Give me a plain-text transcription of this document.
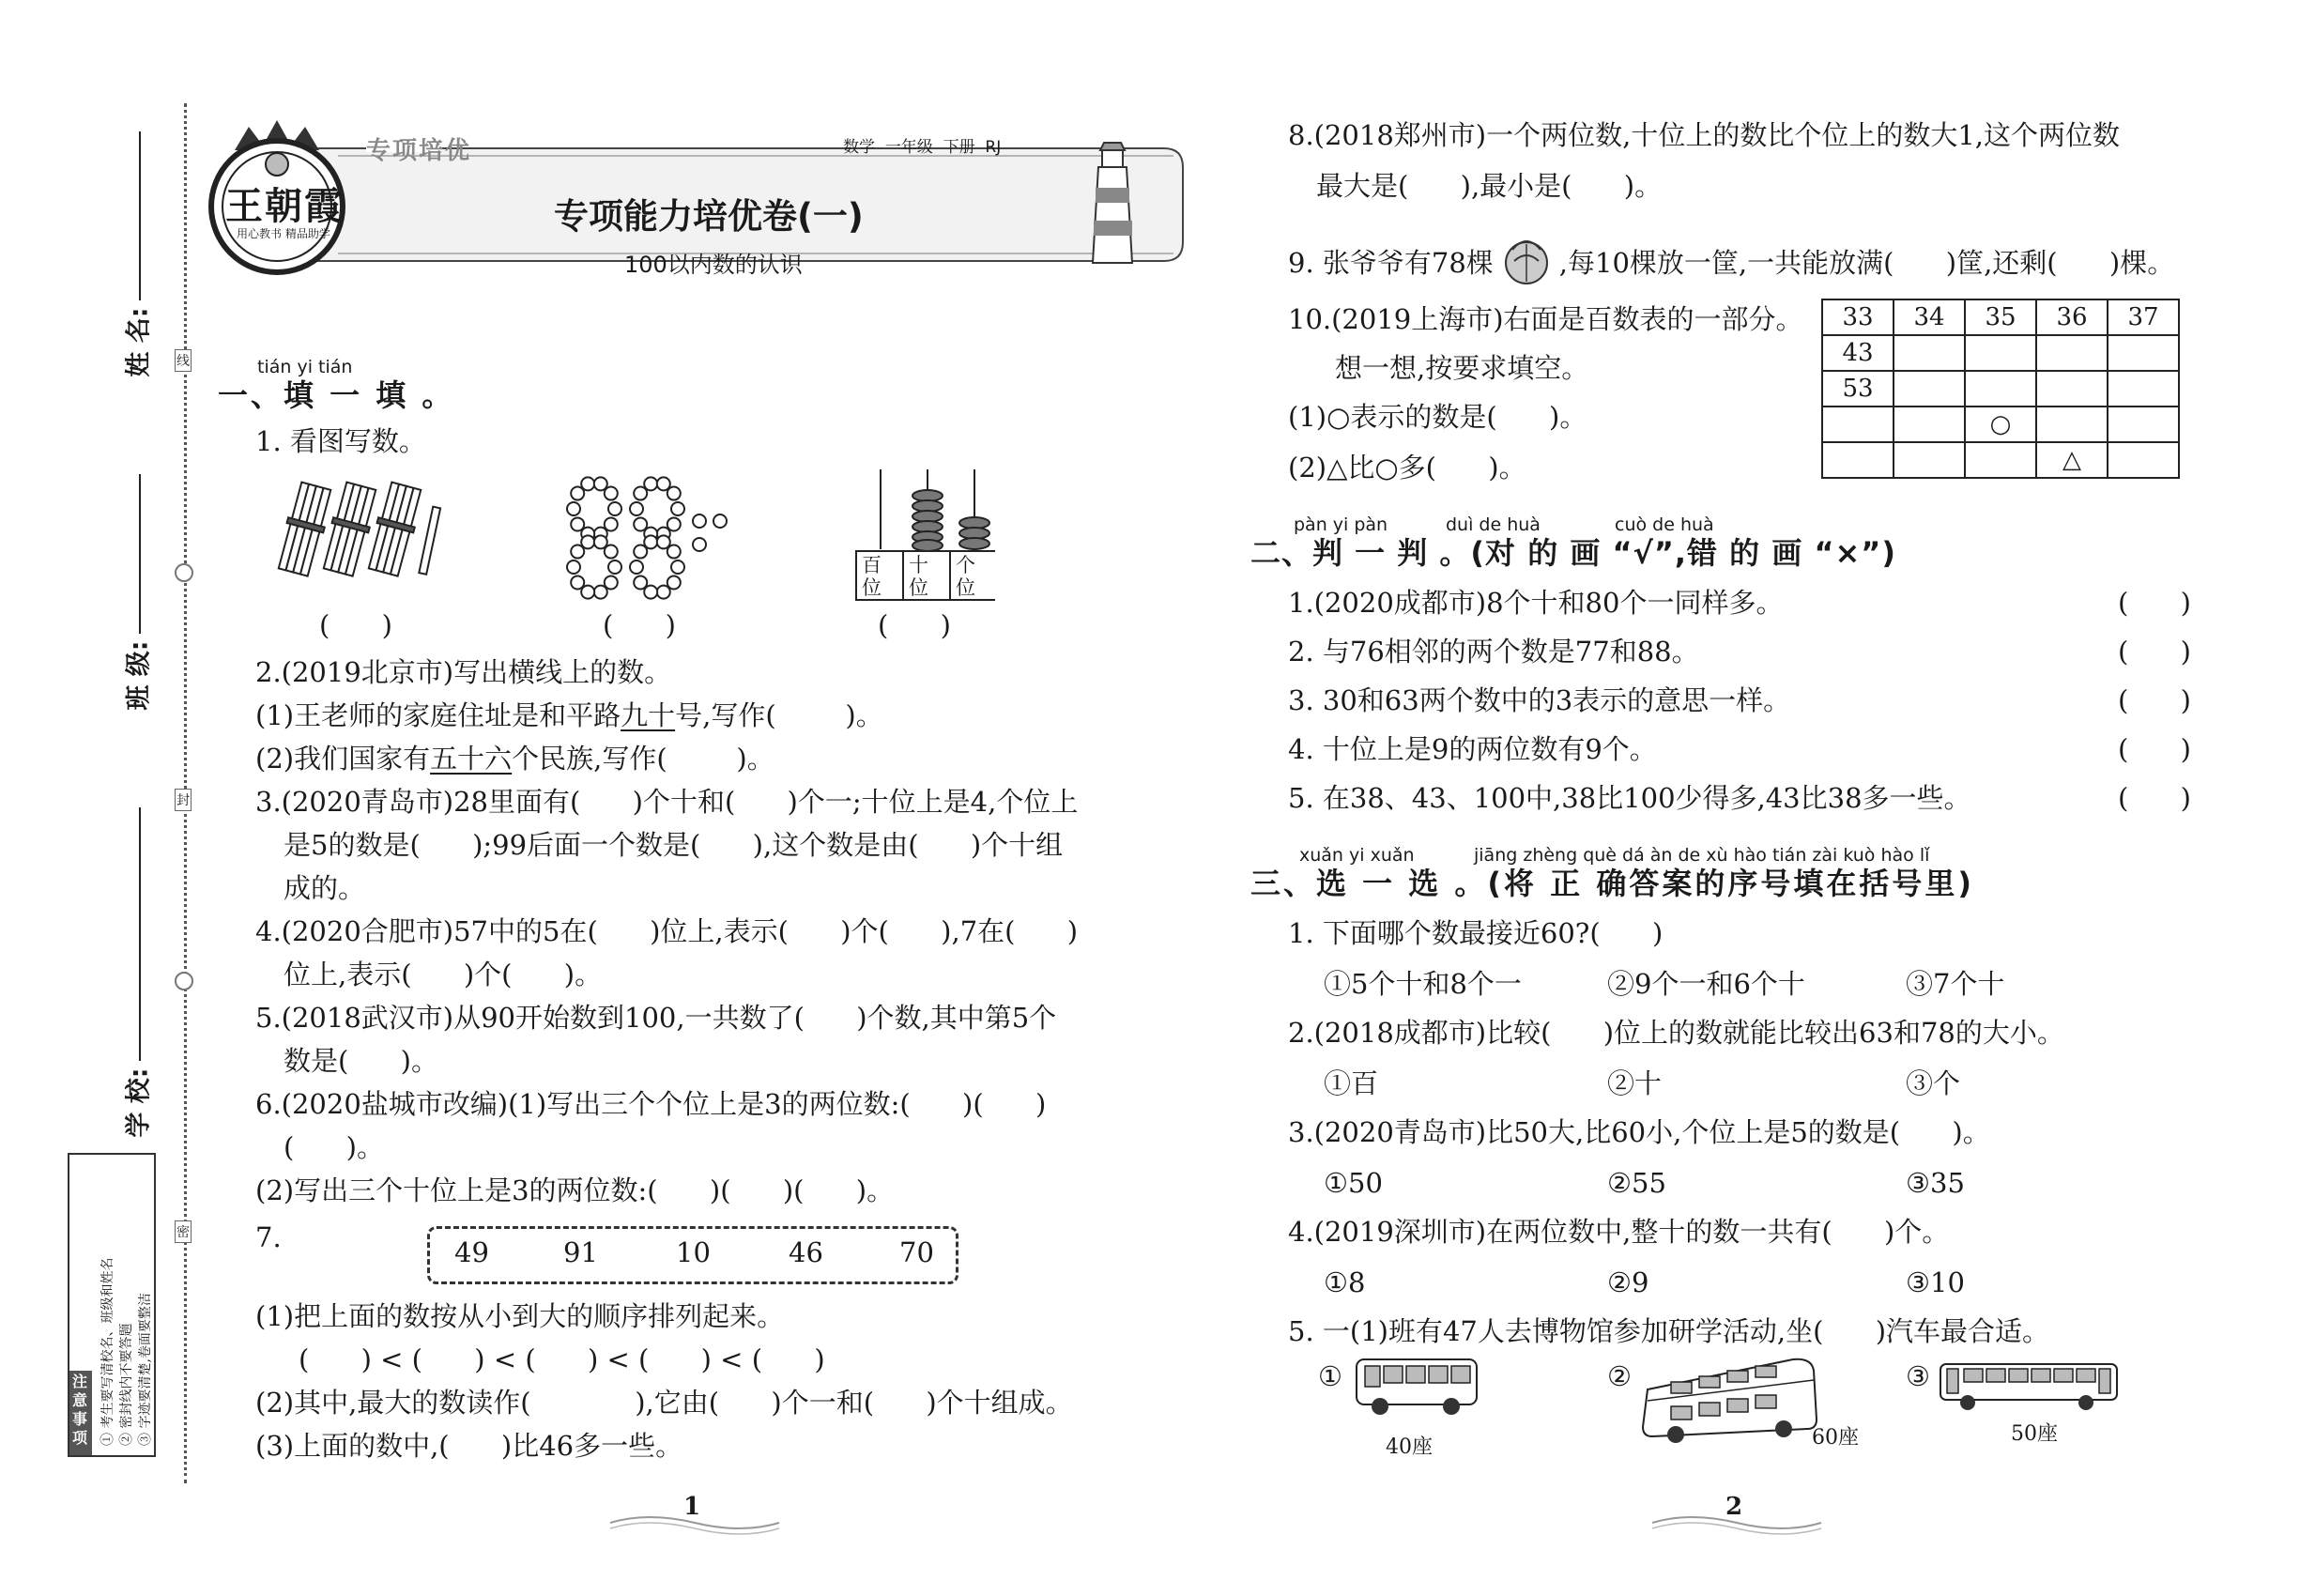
姓 名:
班 级:
学 校:
线
封
密
注意事项 ① 考生要写清校名、班级和姓名 ② 密封线内不要答题 ③ 字迹要清楚,卷面要整洁
王朝霞
用心教书 精品助学
专项培优	数学  一年级  下册  RJ
专项能力培优卷(一)
100以内数的认识
tián yi tián
一、填 一 填 。
1. 看图写数。
(      )	(      )
百位
十位
个位
(      )
2.(2019北京市)写出横线上的数。
(1)王老师的家庭住址是和平路九十号,写作(        )。
(2)我们国家有五十六个民族,写作(        )。
3.(2020青岛市)28里面有(      )个十和(      )个一;十位上是4,个位上
是5的数是(      );99后面一个数是(      ),这个数是由(      )个十组
成的。
4.(2020合肥市)57中的5在(      )位上,表示(      )个(      ),7在(      )
位上,表示(      )个(      )。
5.(2018武汉市)从90开始数到100,一共数了(      )个数,其中第5个
数是(      )。
6.(2020盐城市改编)(1)写出三个个位上是3的两位数:(      )(      )
(      )。
(2)写出三个十位上是3的两位数:(      )(      )(      )。
7.	49	91	10	46	70
(1)把上面的数按从小到大的顺序排列起来。
(      ) < (      ) < (      ) < (      ) < (      )
(2)其中,最大的数读作(            ),它由(      )个一和(      )个十组成。
(3)上面的数中,(      )比46多一些。
1
8.(2018郑州市)一个两位数,十位上的数比个位上的数大1,这个两位数
最大是(      ),最小是(      )。
9. 张爷爷有78棵 ,每10棵放一筐,一共能放满(      )筐,还剩(      )棵。
10.(2019上海市)右面是百数表的一部分。
想一想,按要求填空。
(1)○表示的数是(      )。
(2)△比○多(      )。
33	34	35	36	37
43				
53				
		○		
			△	
pàn yi pàn	duì de huà	cuò de huà
二、判 一 判 。(对 的 画 “√”,错 的 画 “×”)
1.(2020成都市)8个十和80个一同样多。	(      )
2. 与76相邻的两个数是77和88。	(      )
3. 30和63两个数中的3表示的意思一样。	(      )
4. 十位上是9的两位数有9个。	(      )
5. 在38、43、100中,38比100少得多,43比38多一些。	(      )
xuǎn yi xuǎn	jiāng zhèng què dá àn de xù hào tián zài kuò hào lǐ
三、选 一 选 。(将 正 确答案的序号填在括号里)
1. 下面哪个数最接近60?(      )
①5个十和8个一	②9个一和6个十	③7个十
2.(2018成都市)比较(      )位上的数就能比较出63和78的大小。
①百	②十	③个
3.(2020青岛市)比50大,比60小,个位上是5的数是(      )。
①50	②55	③35
4.(2019深圳市)在两位数中,整十的数一共有(      )个。
①8	②9	③10
5. 一(1)班有47人去博物馆参加研学活动,坐(      )汽车最合适。
①
40座
②
60座
③
50座
2
